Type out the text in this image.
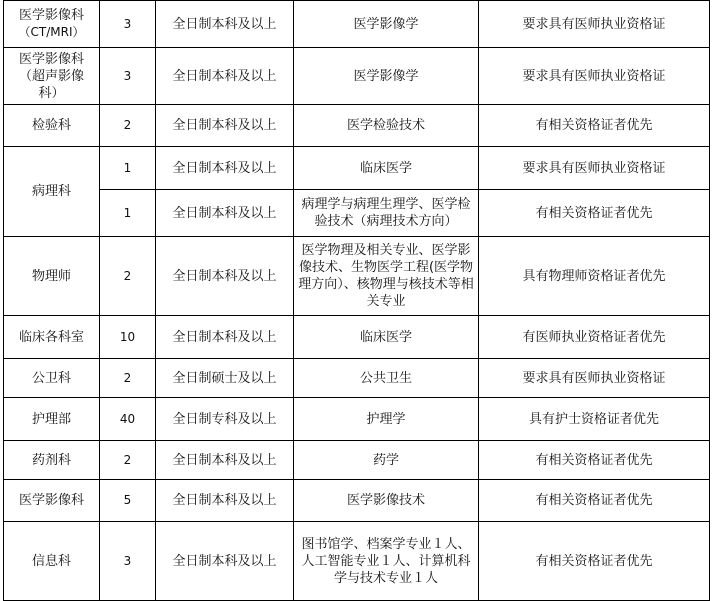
医学影像科
（CT/MRI）	3	全日制本科及以上	医学影像学	要求具有医师执业资格证
医学影像科（超声影像科）	3	全日制本科及以上	医学影像学	要求具有医师执业资格证
检验科	2	全日制本科及以上	医学检验技术	有相关资格证者优先
病理科	1	全日制本科及以上	临床医学	要求具有医师执业资格证
	1	全日制本科及以上	病理学与病理生理学、医学检验技术（病理技术方向）	有相关资格证者优先
物理师	2	全日制本科及以上	医学物理及相关专业、医学影像技术、生物医学工程(医学物理方向）、核物理与核技术等相关专业	具有物理师资格证者优先
临床各科室	10	全日制本科及以上	临床医学	有医师执业资格证者优先
公卫科	2	全日制硕士及以上	公共卫生	要求具有医师执业资格证
护理部	40	全日制专科及以上	护理学	具有护士资格证者优先
药剂科	2	全日制本科及以上	药学	有相关资格证者优先
医学影像科	5	全日制本科及以上	医学影像技术	有相关资格证者优先
信息科	3	全日制本科及以上	图书馆学、档案学专业１人、人工智能专业１人、计算机科学与技术专业１人	有相关资格证者优先
